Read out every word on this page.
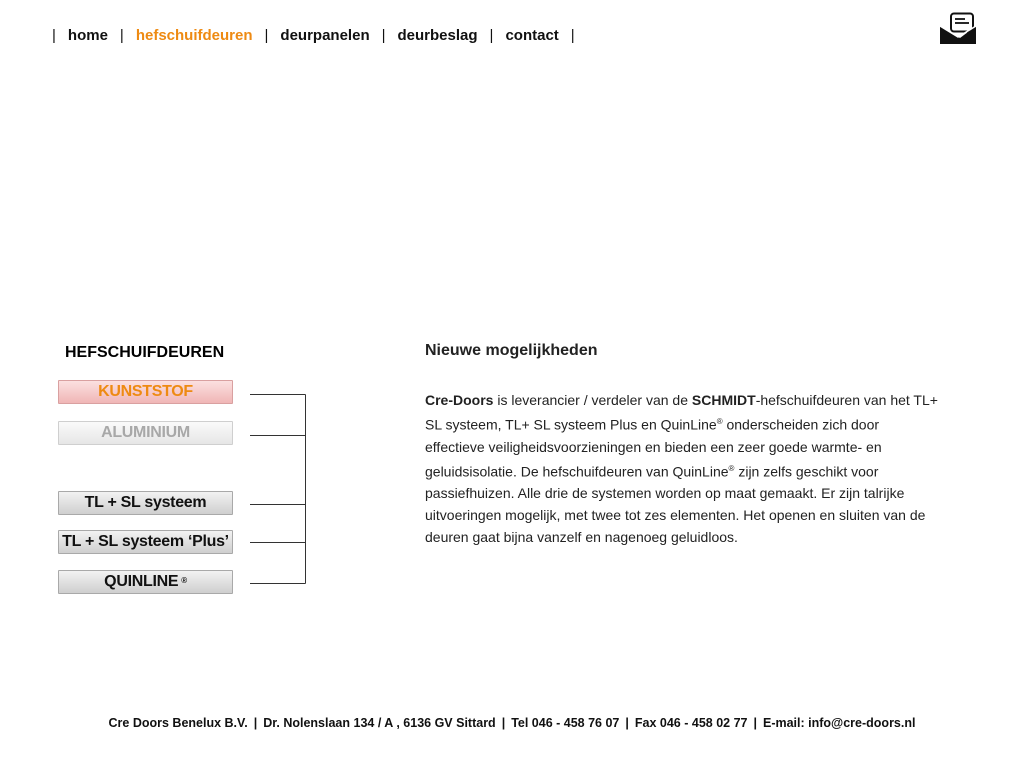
| home | hefschuifdeuren | deurpanelen | deurbeslag | contact |
HEFSCHUIFDEUREN
KUNSTSTOF
ALUMINIUM
TL + SL systeem
TL + SL systeem ‘Plus’
QUINLINE ®
Nieuwe mogelijkheden

Cre-Doors is leverancier / verdeler van de SCHMIDT-hefschuifdeuren van het TL+ SL systeem, TL+ SL systeem Plus en QuinLine® onderscheiden zich door effectieve veiligheidsvoorzieningen en bieden een zeer goede warmte- en geluidsisolatie. De hefschuifdeuren van QuinLine® zijn zelfs geschikt voor passiefhuizen. Alle drie de systemen worden op maat gemaakt. Er zijn talrijke uitvoeringen mogelijk, met twee tot zes elementen. Het openen en sluiten van de deuren gaat bijna vanzelf en nagenoeg geluidloos.

Cre Doors Benelux B.V. | Dr. Nolenslaan 134 / A , 6136 GV Sittard | Tel 046 - 458 76 07 | Fax 046 - 458 02 77 | E-mail: info@cre-doors.nl
